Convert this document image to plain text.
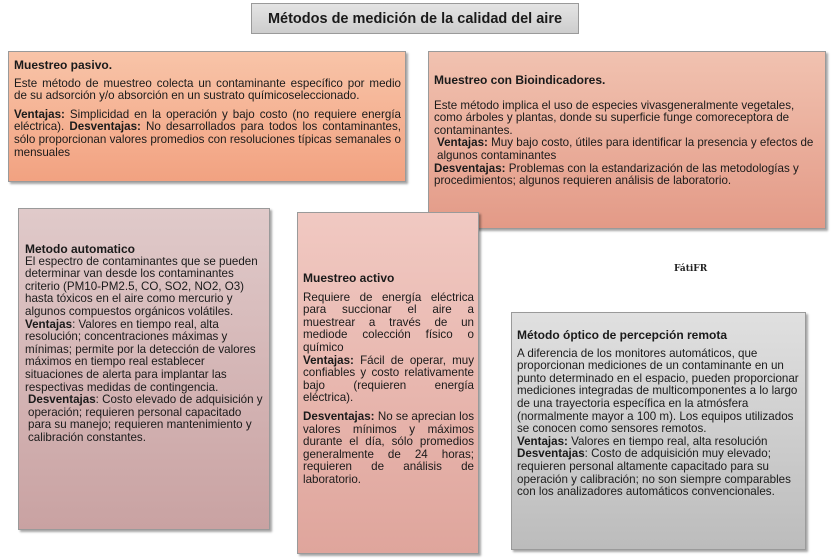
Métodos de medición de la calidad del aire

Muestreo pasivo.

Este método de muestreo colecta un contaminante específico por medio de su adsorción y/o absorción en un sustrato químicoseleccionado.

Ventajas: Simplicidad en la operación y bajo costo (no requiere energía eléctrica). Desventajas: No desarrollados para todos los contaminantes, sólo proporcionan valores promedios con resoluciones típicas semanales o mensuales

Muestreo con Bioindicadores.

Este método implica el uso de especies vivasgeneralmente vegetales, como árboles y plantas, donde su superficie funge comoreceptora de contaminantes.

Ventajas: Muy bajo costo, útiles para identificar la presencia y efectos de algunos contaminantes

Desventajas: Problemas con la estandarización de las metodologías y procedimientos; algunos requieren análisis de laboratorio.

Metodo automatico

El espectro de contaminantes que se pueden determinar van desde los contaminantes criterio (PM10-PM2.5, CO, SO2, NO2, O3) hasta tóxicos en el aire como mercurio y algunos compuestos orgánicos volátiles.

Ventajas: Valores en tiempo real, alta resolución; concentraciones máximas y mínimas; permite por la detección de valores máximos en tiempo real establecer situaciones de alerta para implantar las respectivas medidas de contingencia.

Desventajas: Costo elevado de adquisición y operación; requieren personal capacitado para su manejo; requieren mantenimiento y calibración constantes.

Muestreo activo

Requiere de energía eléctrica para succionar el aire a muestrear a través de un mediode colección físico o químico

Ventajas: Fácil de operar, muy confiables y costo relativamente bajo (requieren energía eléctrica).

Desventajas: No se aprecian los valores mínimos y máximos durante el día, sólo promedios generalmente de 24 horas; requieren de análisis de laboratorio.

Método óptico de percepción remota

A diferencia de los monitores automáticos, que proporcionan mediciones de un contaminante en un punto determinado en el espacio, pueden proporcionar mediciones integradas de multicomponentes a lo largo de una trayectoria específica en la atmósfera (normalmente mayor a 100 m). Los equipos utilizados se conocen como sensores remotos.

Ventajas: Valores en tiempo real, alta resolución

Desventajas: Costo de adquisición muy elevado; requieren personal altamente capacitado para su operación y calibración; no son siempre comparables con los analizadores automáticos convencionales.

FátiFR
